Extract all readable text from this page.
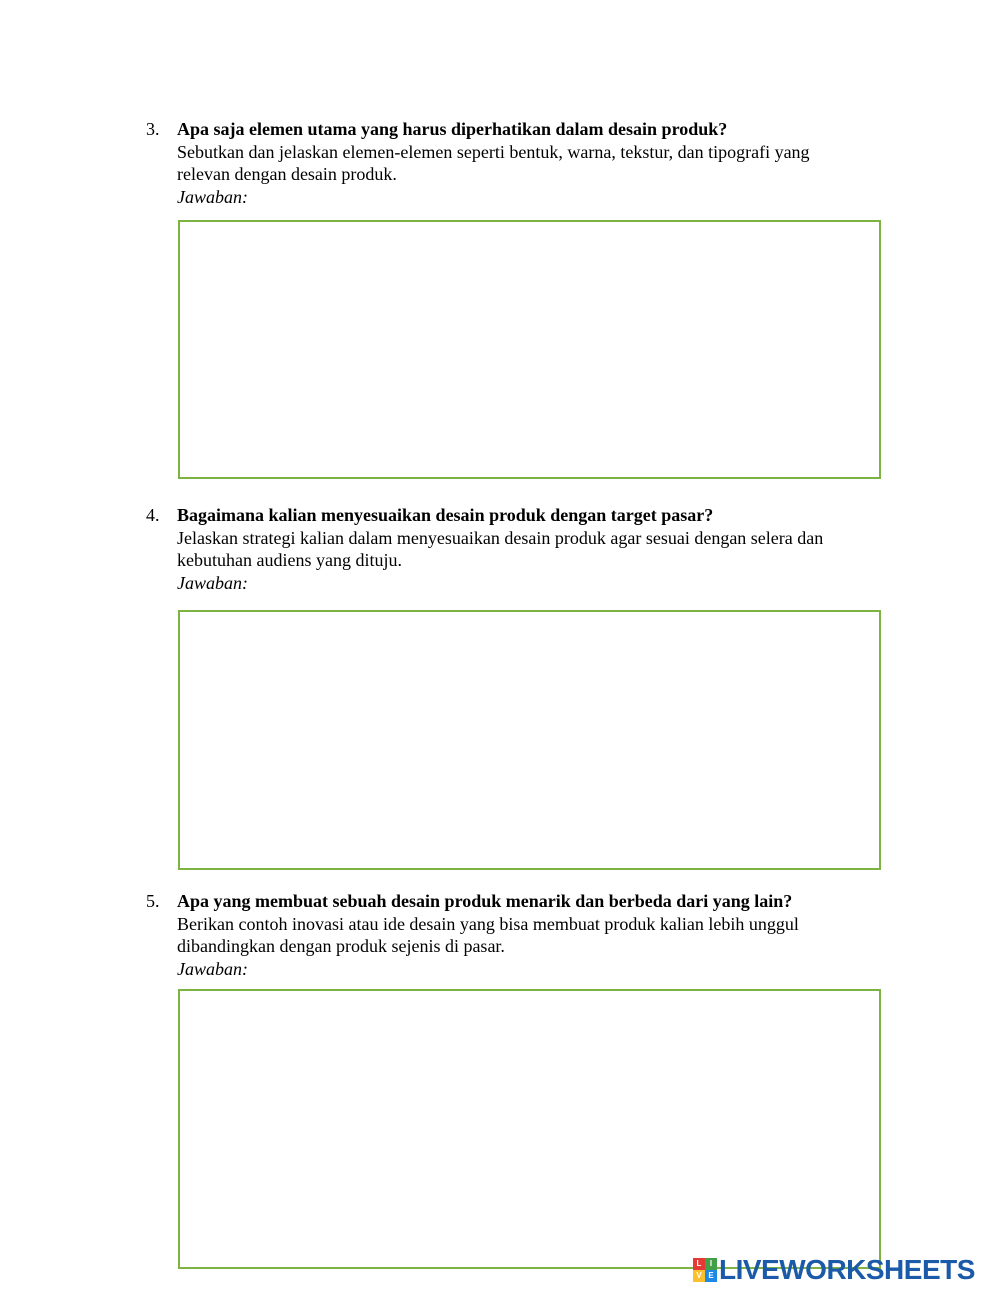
3. Apa saja elemen utama yang harus diperhatikan dalam desain produk?
Sebutkan dan jelaskan elemen-elemen seperti bentuk, warna, tekstur, dan tipografi yang
relevan dengan desain produk.
Jawaban:
4. Bagaimana kalian menyesuaikan desain produk dengan target pasar?
Jelaskan strategi kalian dalam menyesuaikan desain produk agar sesuai dengan selera dan
kebutuhan audiens yang dituju.
Jawaban:
5. Apa yang membuat sebuah desain produk menarik dan berbeda dari yang lain?
Berikan contoh inovasi atau ide desain yang bisa membuat produk kalian lebih unggul
dibandingkan dengan produk sejenis di pasar.
Jawaban:
L	I
V E LIVEWORKSHEETS
